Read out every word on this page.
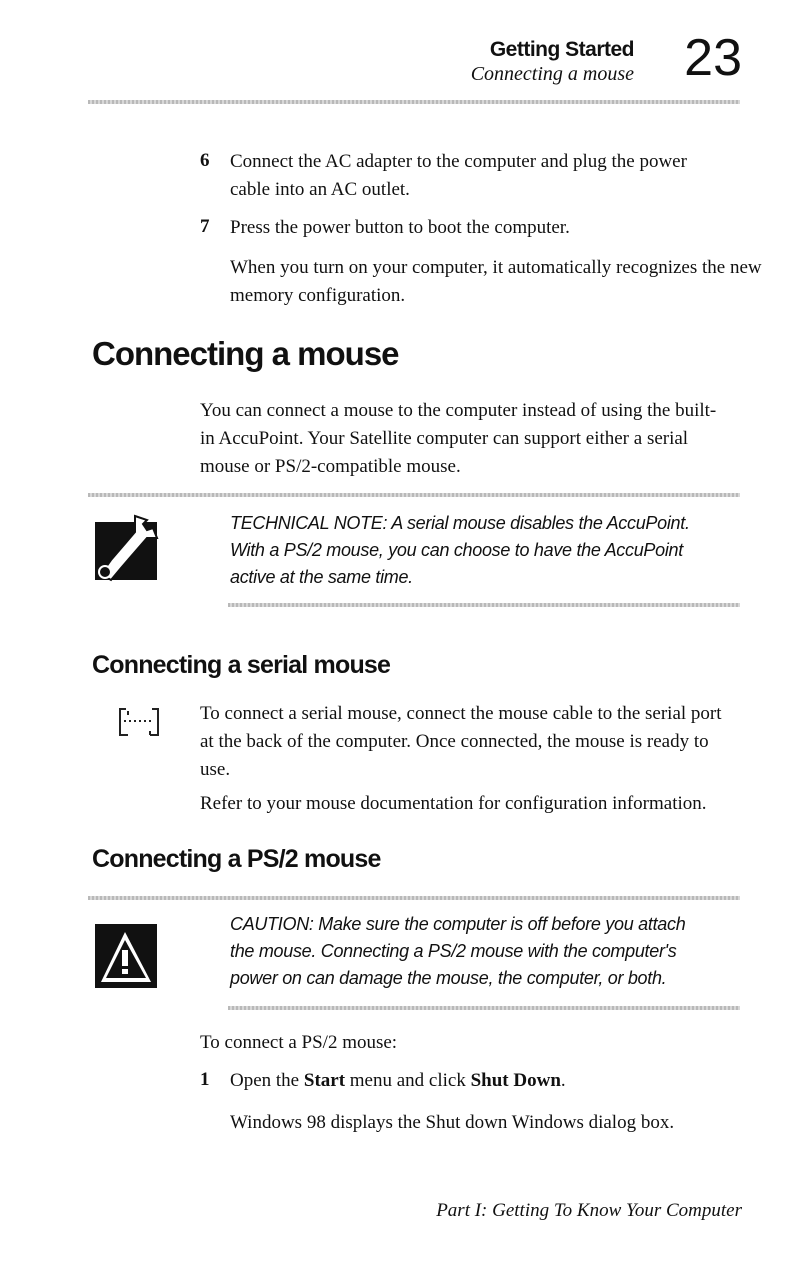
Getting Started
Connecting a mouse 23
6 Connect the AC adapter to the computer and plug the power cable into an AC outlet.
7 Press the power button to boot the computer.
When you turn on your computer, it automatically recognizes the new memory configuration.
Connecting a mouse
You can connect a mouse to the computer instead of using the built-in AccuPoint. Your Satellite computer can support either a serial mouse or PS/2-compatible mouse.
TECHNICAL NOTE: A serial mouse disables the AccuPoint. With a PS/2 mouse, you can choose to have the AccuPoint active at the same time.
Connecting a serial mouse
To connect a serial mouse, connect the mouse cable to the serial port at the back of the computer. Once connected, the mouse is ready to use.
Refer to your mouse documentation for configuration information.
Connecting a PS/2 mouse
CAUTION: Make sure the computer is off before you attach the mouse. Connecting a PS/2 mouse with the computer's power on can damage the mouse, the computer, or both.
To connect a PS/2 mouse:
1 Open the Start menu and click Shut Down.
Windows 98 displays the Shut down Windows dialog box.
Part I: Getting To Know Your Computer
